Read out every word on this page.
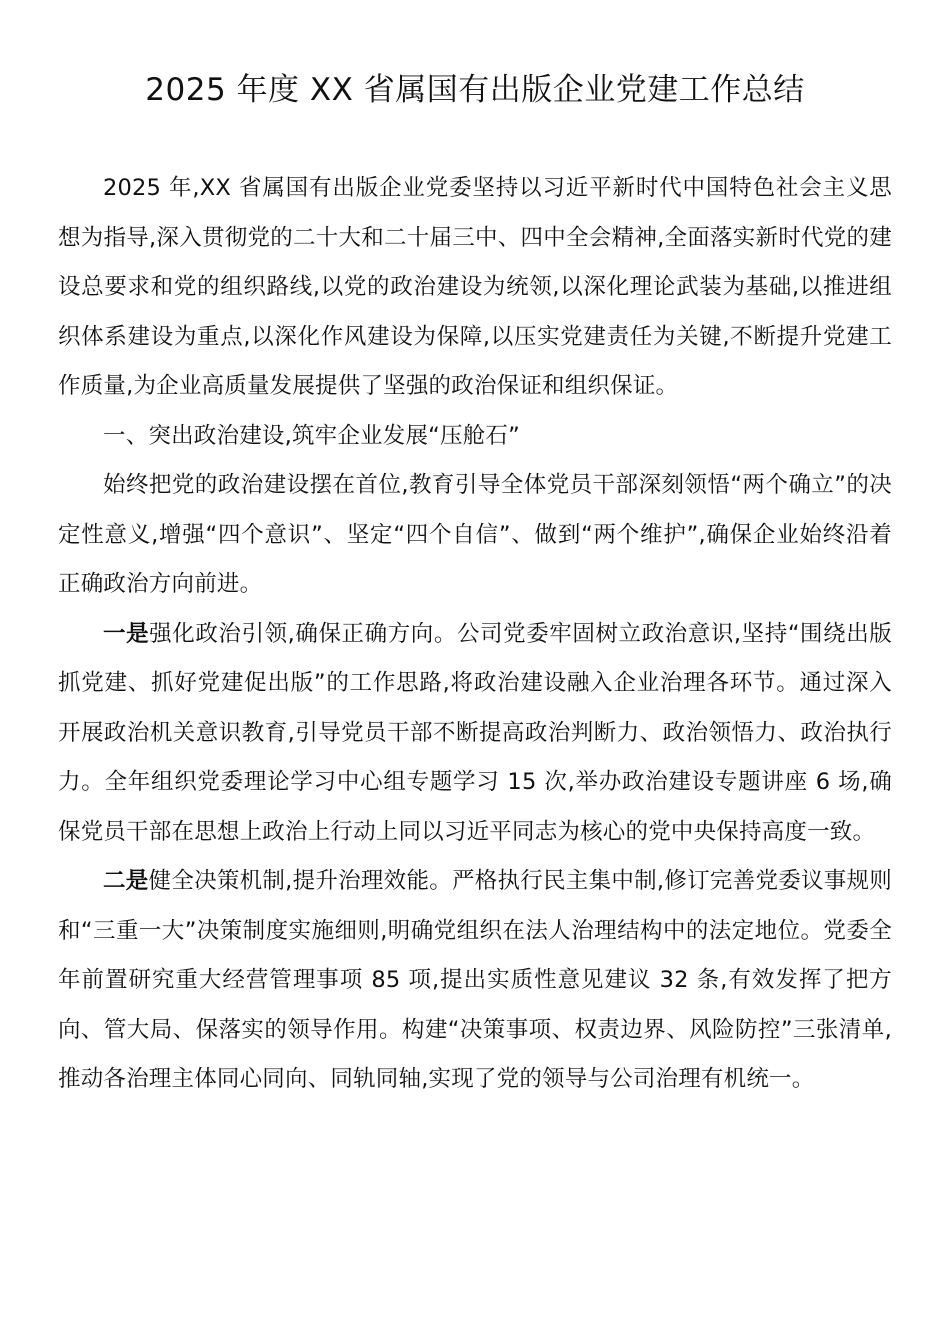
2025 年度 XX 省属国有出版企业党建工作总结

2025 年,XX 省属国有出版企业党委坚持以习近平新时代中国特色社会主义思想为指导,深入贯彻党的二十大和二十届三中、四中全会精神,全面落实新时代党的建设总要求和党的组织路线,以党的政治建设为统领,以深化理论武装为基础,以推进组织体系建设为重点,以深化作风建设为保障,以压实党建责任为关键,不断提升党建工作质量,为企业高质量发展提供了坚强的政治保证和组织保证。

一、突出政治建设,筑牢企业发展“压舱石”

始终把党的政治建设摆在首位,教育引导全体党员干部深刻领悟“两个确立”的决定性意义,增强“四个意识”、坚定“四个自信”、做到“两个维护”,确保企业始终沿着正确政治方向前进。

一是强化政治引领,确保正确方向。公司党委牢固树立政治意识,坚持“围绕出版抓党建、抓好党建促出版”的工作思路,将政治建设融入企业治理各环节。通过深入开展政治机关意识教育,引导党员干部不断提高政治判断力、政治领悟力、政治执行力。全年组织党委理论学习中心组专题学习 15 次,举办政治建设专题讲座 6 场,确保党员干部在思想上政治上行动上同以习近平同志为核心的党中央保持高度一致。

二是健全决策机制,提升治理效能。严格执行民主集中制,修订完善党委议事规则和“三重一大”决策制度实施细则,明确党组织在法人治理结构中的法定地位。党委全年前置研究重大经营管理事项 85 项,提出实质性意见建议 32 条,有效发挥了把方向、管大局、保落实的领导作用。构建“决策事项、权责边界、风险防控”三张清单,推动各治理主体同心同向、同轨同轴,实现了党的领导与公司治理有机统一。
